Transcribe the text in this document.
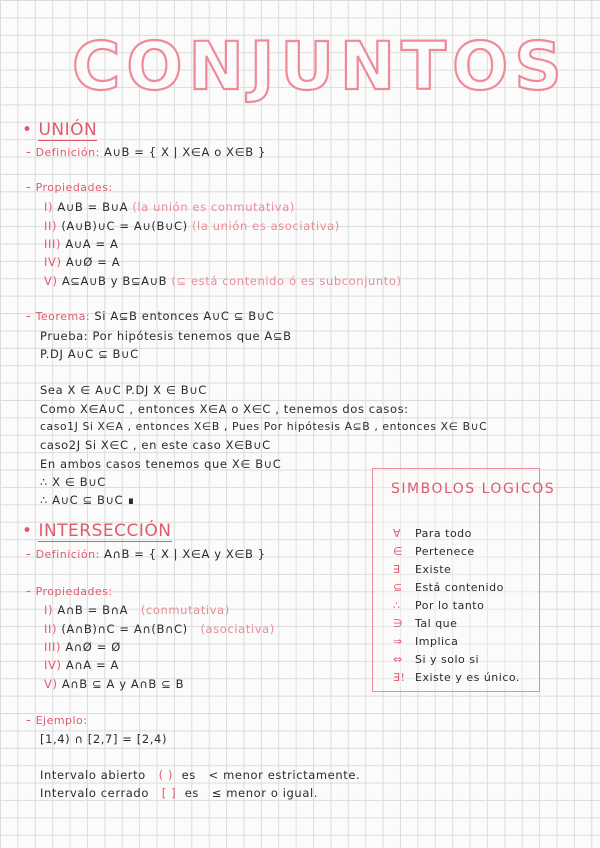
CONJUNTOS
• UNIÓN
- Definición: A∪B = { X | X∈A o X∈B }
- Propiedades:
I) A∪B = B∪A (la unión es conmutativa)
II) (A∪B)∪C = A∪(B∪C) (la unión es asociativa)
III) A∪A = A
IV) A∪Ø = A
V) A⊆A∪B y B⊆A∪B (⊆ está contenido ó es subconjunto)
- Teorema: Si A⊆B entonces A∪C ⊆ B∪C
Prueba: Por hipótesis tenemos que A⊆B
P.DJ A∪C ⊆ B∪C
Sea X ∈ A∪C P.DJ X ∈ B∪C
Como X∈A∪C , entonces X∈A o X∈C , tenemos dos casos:
caso1J Si X∈A , entonces X∈B , Pues Por hipótesis A⊆B , entonces X∈ B∪C
caso2J Si X∈C , en este caso X∈B∪C
En ambos casos tenemos que X∈ B∪C
∴ X ∈ B∪C
∴ A∪C ⊆ B∪C ∎
• INTERSECCIÓN
- Definición: A∩B = { X | X∈A y X∈B }
- Propiedades:
I) A∩B = B∩A (conmutativa)
II) (A∩B)∩C = A∩(B∩C) (asociativa)
III) A∩Ø = Ø
IV) A∩A = A
V) A∩B ⊆ A y A∩B ⊆ B
- Ejemplo:
[1,4) ∩ [2,7] = [2,4)
Intervalo abierto ( ) es < menor estrictamente.
Intervalo cerrado [ ] es ≤ menor o igual.
SIMBOLOS LOGICOS
∀ Para todo
∈ Pertenece
∃ Existe
⊆ Está contenido
∴ Por lo tanto
∋ Tal que
⇒ Implica
⇔ Si y solo si
∃! Existe y es único.
